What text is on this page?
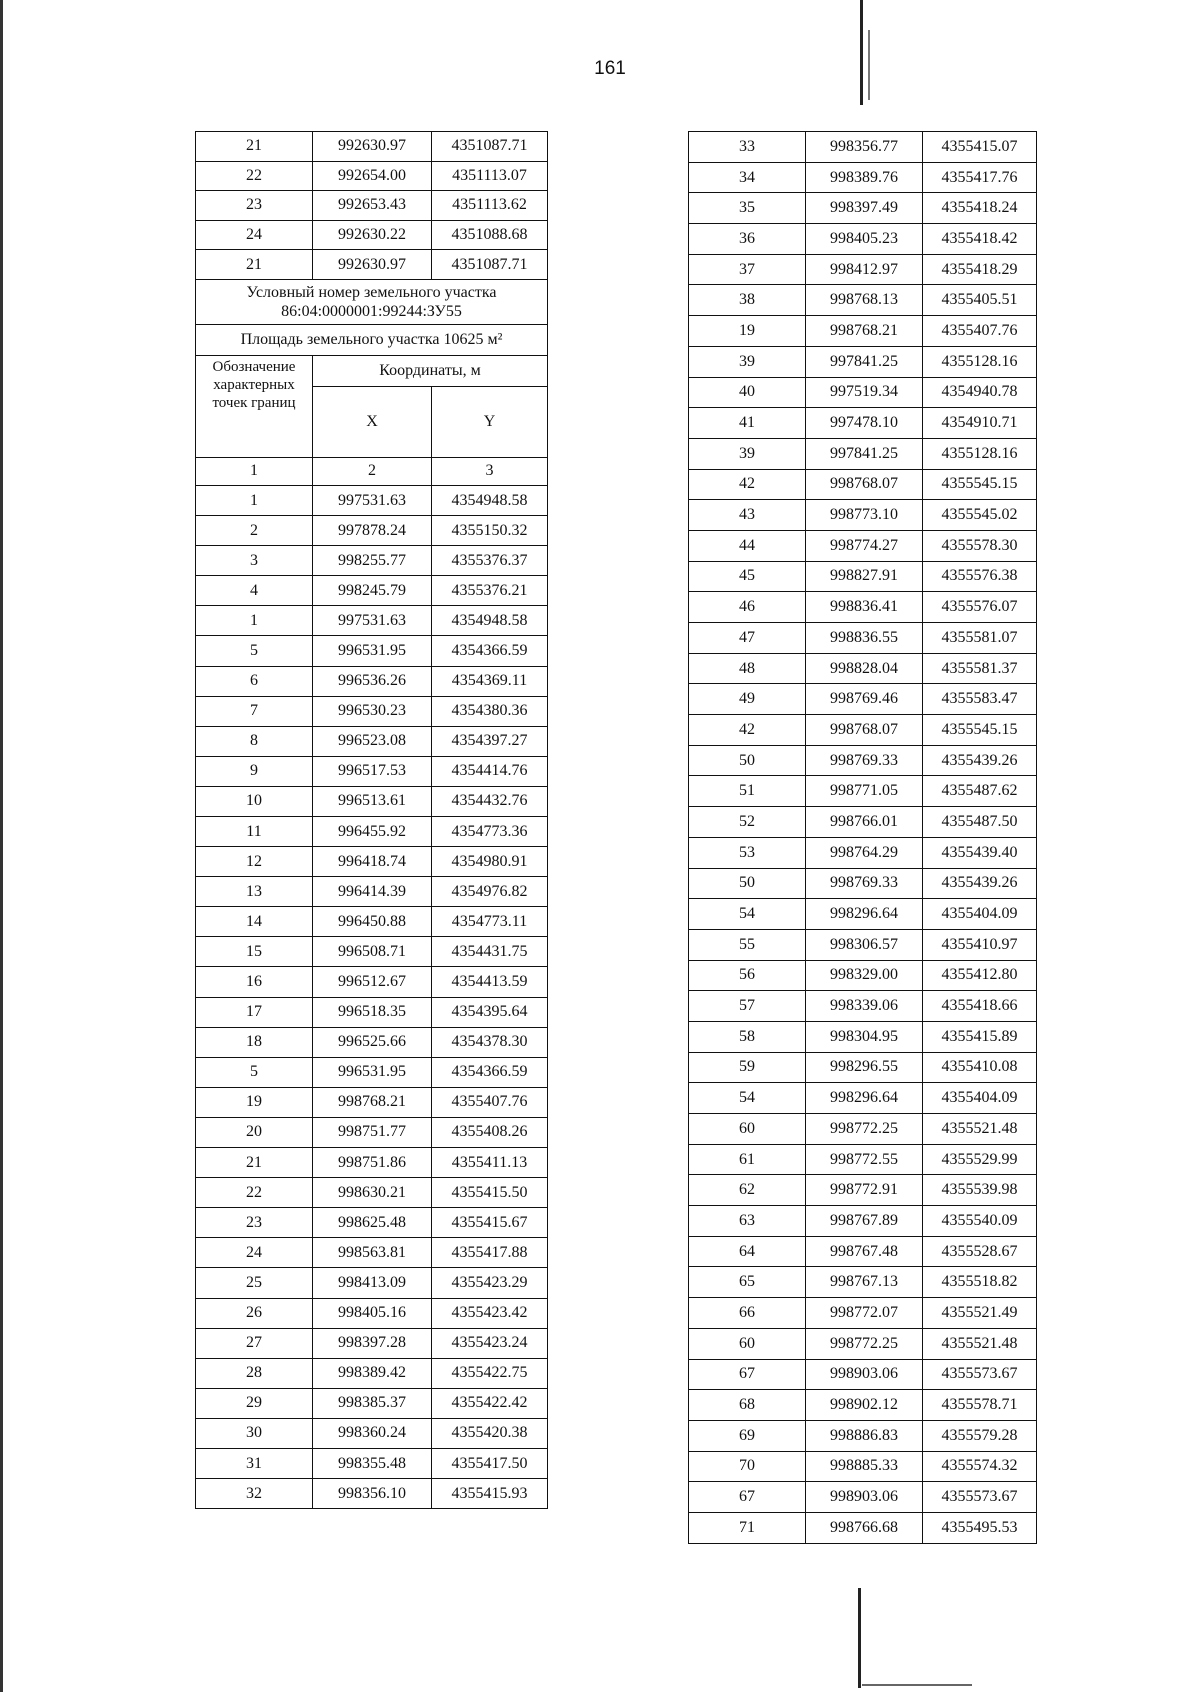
161
21	992630.97	4351087.71
22	992654.00	4351113.07
23	992653.43	4351113.62
24	992630.22	4351088.68
21	992630.97	4351087.71

Условный номер земельного участка
86:04:0000001:99244:ЗУ55		

Площадь земельного участка 10625 м²		
Обозначение характерных точек границ	Координаты, м	
	X	Y
1	2	3
1	997531.63	4354948.58
2	997878.24	4355150.32
3	998255.77	4355376.37
4	998245.79	4355376.21
1	997531.63	4354948.58
5	996531.95	4354366.59
6	996536.26	4354369.11
7	996530.23	4354380.36
8	996523.08	4354397.27
9	996517.53	4354414.76
10	996513.61	4354432.76
11	996455.92	4354773.36
12	996418.74	4354980.91
13	996414.39	4354976.82
14	996450.88	4354773.11
15	996508.71	4354431.75
16	996512.67	4354413.59
17	996518.35	4354395.64
18	996525.66	4354378.30
5	996531.95	4354366.59
19	998768.21	4355407.76
20	998751.77	4355408.26
21	998751.86	4355411.13
22	998630.21	4355415.50
23	998625.48	4355415.67
24	998563.81	4355417.88
25	998413.09	4355423.29
26	998405.16	4355423.42
27	998397.28	4355423.24
28	998389.42	4355422.75
29	998385.37	4355422.42
30	998360.24	4355420.38
31	998355.48	4355417.50
32	998356.10	4355415.93
33	998356.77	4355415.07
34	998389.76	4355417.76
35	998397.49	4355418.24
36	998405.23	4355418.42
37	998412.97	4355418.29
38	998768.13	4355405.51
19	998768.21	4355407.76
39	997841.25	4355128.16
40	997519.34	4354940.78
41	997478.10	4354910.71
39	997841.25	4355128.16
42	998768.07	4355545.15
43	998773.10	4355545.02
44	998774.27	4355578.30
45	998827.91	4355576.38
46	998836.41	4355576.07
47	998836.55	4355581.07
48	998828.04	4355581.37
49	998769.46	4355583.47
42	998768.07	4355545.15
50	998769.33	4355439.26
51	998771.05	4355487.62
52	998766.01	4355487.50
53	998764.29	4355439.40
50	998769.33	4355439.26
54	998296.64	4355404.09
55	998306.57	4355410.97
56	998329.00	4355412.80
57	998339.06	4355418.66
58	998304.95	4355415.89
59	998296.55	4355410.08
54	998296.64	4355404.09
60	998772.25	4355521.48
61	998772.55	4355529.99
62	998772.91	4355539.98
63	998767.89	4355540.09
64	998767.48	4355528.67
65	998767.13	4355518.82
66	998772.07	4355521.49
60	998772.25	4355521.48
67	998903.06	4355573.67
68	998902.12	4355578.71
69	998886.83	4355579.28
70	998885.33	4355574.32
67	998903.06	4355573.67
71	998766.68	4355495.53
